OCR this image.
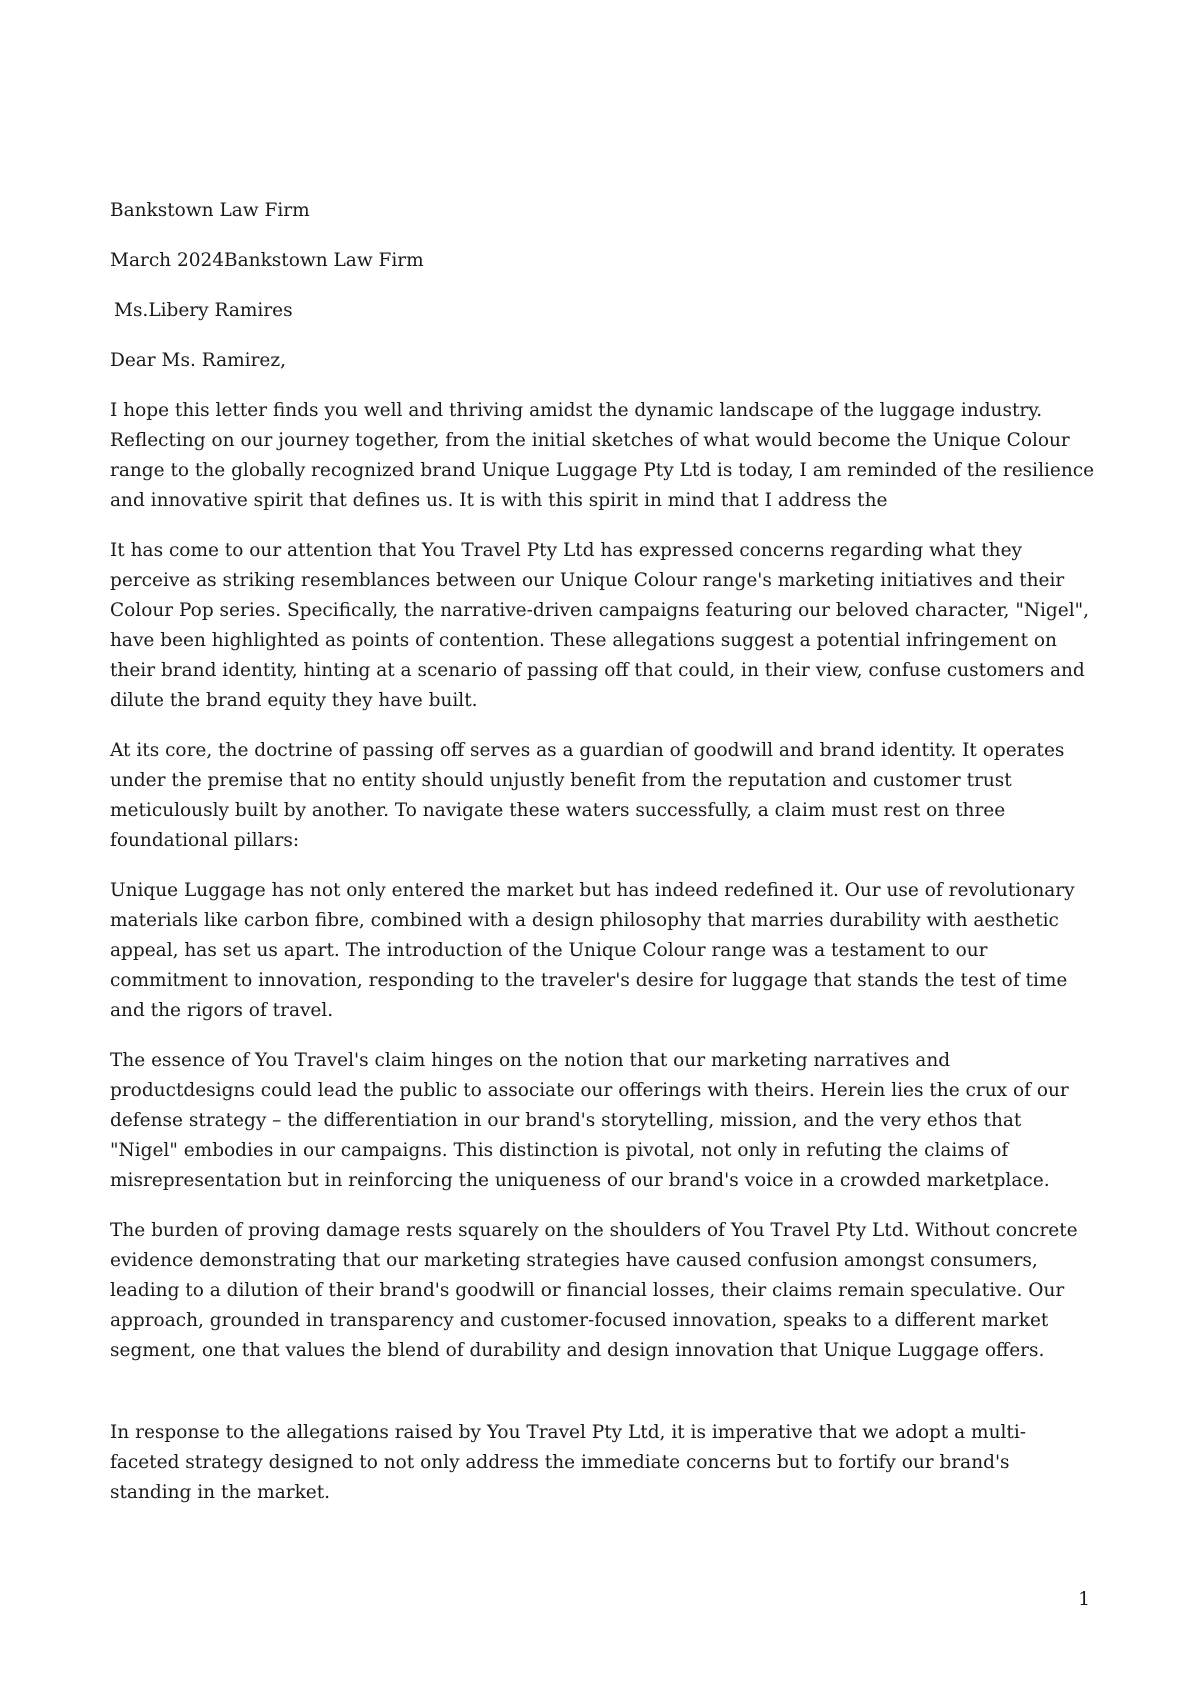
Bankstown Law Firm

March 2024Bankstown Law Firm

Ms.Libery Ramires

Dear Ms. Ramirez,

I hope this letter finds you well and thriving amidst the dynamic landscape of the luggage industry. Reflecting on our journey together, from the initial sketches of what would become the Unique Colour range to the globally recognized brand Unique Luggage Pty Ltd is today, I am reminded of the resilience and innovative spirit that defines us. It is with this spirit in mind that I address the

It has come to our attention that You Travel Pty Ltd has expressed concerns regarding what they perceive as striking resemblances between our Unique Colour range's marketing initiatives and their Colour Pop series. Specifically, the narrative-driven campaigns featuring our beloved character, "Nigel", have been highlighted as points of contention. These allegations suggest a potential infringement on their brand identity, hinting at a scenario of passing off that could, in their view, confuse customers and dilute the brand equity they have built.

At its core, the doctrine of passing off serves as a guardian of goodwill and brand identity. It operates under the premise that no entity should unjustly benefit from the reputation and customer trust meticulously built by another. To navigate these waters successfully, a claim must rest on three foundational pillars:

Unique Luggage has not only entered the market but has indeed redefined it. Our use of revolutionary materials like carbon fibre, combined with a design philosophy that marries durability with aesthetic appeal, has set us apart. The introduction of the Unique Colour range was a testament to our commitment to innovation, responding to the traveler's desire for luggage that stands the test of time and the rigors of travel.

The essence of You Travel's claim hinges on the notion that our marketing narratives and productdesigns could lead the public to associate our offerings with theirs. Herein lies the crux of our defense strategy – the differentiation in our brand's storytelling, mission, and the very ethos that "Nigel" embodies in our campaigns. This distinction is pivotal, not only in refuting the claims of misrepresentation but in reinforcing the uniqueness of our brand's voice in a crowded marketplace.

The burden of proving damage rests squarely on the shoulders of You Travel Pty Ltd. Without concrete evidence demonstrating that our marketing strategies have caused confusion amongst consumers, leading to a dilution of their brand's goodwill or financial losses, their claims remain speculative. Our approach, grounded in transparency and customer-focused innovation, speaks to a different market segment, one that values the blend of durability and design innovation that Unique Luggage offers.

In response to the allegations raised by You Travel Pty Ltd, it is imperative that we adopt a multi-faceted strategy designed to not only address the immediate concerns but to fortify our brand's standing in the market.

1
